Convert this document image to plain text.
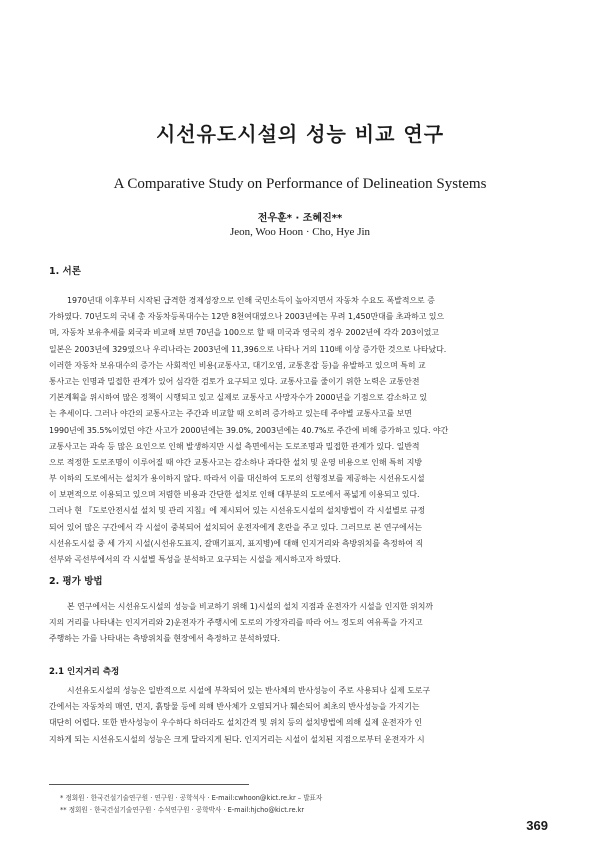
시선유도시설의 성능 비교 연구
A Comparative Study on Performance of Delineation Systems
전우훈* · 조혜진**
Jeon, Woo Hoon · Cho, Hye Jin
1. 서론
1970년대 이후부터 시작된 급격한 경제성장으로 인해 국민소득이 높아지면서 자동차 수요도 폭발적으로 증
가하였다. 70년도의 국내 총 자동차등록대수는 12만 8천여대였으나 2003년에는 무려 1,450만대를 초과하고 있으
며, 자동차 보유추세를 외국과 비교해 보면 70년을 100으로 할 때 미국과 영국의 경우 2002년에 각각 203이었고
일본은 2003년에 329였으나 우리나라는 2003년에 11,396으로 나타나 거의 110배 이상 증가한 것으로 나타났다.
이러한 자동차 보유대수의 증가는 사회적인 비용(교통사고, 대기오염, 교통혼잡 등)을 유발하고 있으며 특히 교
통사고는 인명과 밀접한 관계가 있어 심각한 검토가 요구되고 있다. 교통사고를 줄이기 위한 노력은 교통안전
기본계획을 위시하여 많은 정책이 시행되고 있고 실제로 교통사고 사망자수가 2000년을 기점으로 감소하고 있
는 추세이다. 그러나 야간의 교통사고는 주간과 비교할 때 오히려 증가하고 있는데 주야별 교통사고를 보면
1990년에 35.5%이었던 야간 사고가 2000년에는 39.0%, 2003년에는 40.7%로 주간에 비해 증가하고 있다. 야간
교통사고는 과속 등 많은 요인으로 인해 발생하지만 시설 측면에서는 도로조명과 밀접한 관계가 있다. 일반적
으로 적정한 도로조명이 이루어질 때 야간 교통사고는 감소하나 과다한 설치 및 운영 비용으로 인해 특히 지방
부 이하의 도로에서는 설치가 용이하지 않다. 따라서 이를 대신하여 도로의 선형정보를 제공하는 시선유도시설
이 보편적으로 이용되고 있으며 저렴한 비용과 간단한 설치로 인해 대부분의 도로에서 폭넓게 이용되고 있다.
그러나 현 『도로안전시설 설치 및 관리 지침』에 제시되어 있는 시선유도시설의 설치방법이 각 시설별로 규정
되어 있어 많은 구간에서 각 시설이 중복되어 설치되어 운전자에게 혼란을 주고 있다. 그러므로 본 연구에서는
시선유도시설 중 세 가지 시설(시선유도표지, 갈매기표지, 표지병)에 대해 인지거리와 측방위치를 측정하여 직
선부와 곡선부에서의 각 시설별 특성을 분석하고 요구되는 시설을 제시하고자 하였다.
2. 평가 방법
본 연구에서는 시선유도시설의 성능을 비교하기 위해 1)시설의 설치 지점과 운전자가 시설을 인지한 위치까
지의 거리를 나타내는 인지거리와 2)운전자가 주행시에 도로의 가장자리를 따라 어느 정도의 여유폭을 가지고
주행하는 가를 나타내는 측방위치를 현장에서 측정하고 분석하였다.
2.1 인지거리 측정
시선유도시설의 성능은 일반적으로 시설에 부착되어 있는 반사체의 반사성능이 주로 사용되나 실제 도로구
간에서는 자동차의 매연, 먼지, 흙탕물 등에 의해 반사체가 오염되거나 훼손되어 최초의 반사성능을 가지기는
대단히 어렵다. 또한 반사성능이 우수하다 하더라도 설치간격 및 위치 등의 설치방법에 의해 실제 운전자가 인
지하게 되는 시선유도시설의 성능은 크게 달라지게 된다. 인지거리는 시설이 설치된 지점으로부터 운전자가 시
* 정회원 · 한국건설기술연구원 · 연구원 · 공학석사 · E-mail:cwhoon@kict.re.kr – 발표자
** 정회원 · 한국건설기술연구원 · 수석연구원 · 공학박사 · E-mail:hjcho@kict.re.kr
369
